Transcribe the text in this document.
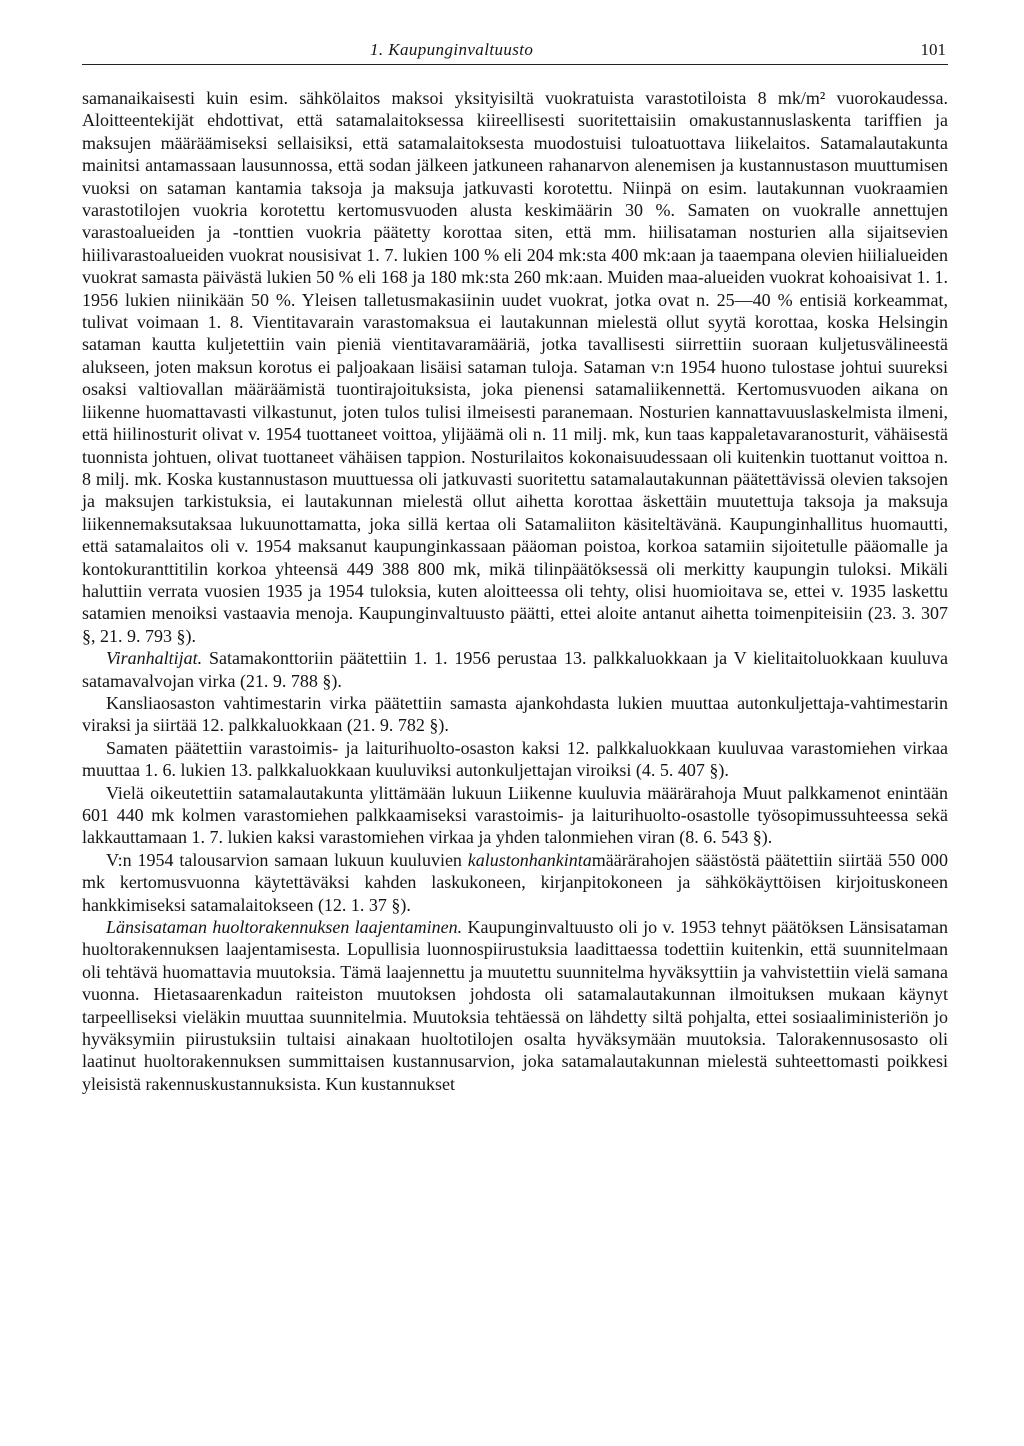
1. Kaupunginvaltuusto	101

samanaikaisesti kuin esim. sähkölaitos maksoi yksityisiltä vuokratuista varastotiloista 8 mk/m² vuorokaudessa. Aloitteentekijät ehdottivat, että satamalaitoksessa kiireellisesti suoritettaisiin omakustannuslaskenta tariffien ja maksujen määräämiseksi sellaisiksi, että satamalaitoksesta muodostuisi tuloatuottava liikelaitos. Satamalautakunta mainitsi antamassaan lausunnossa, että sodan jälkeen jatkuneen rahanarvon alenemisen ja kustannustason muuttumisen vuoksi on sataman kantamia taksoja ja maksuja jatkuvasti korotettu. Niinpä on esim. lautakunnan vuokraamien varastotilojen vuokria korotettu kertomusvuoden alusta keskimäärin 30 %. Samaten on vuokralle annettujen varastoalueiden ja -tonttien vuokria päätetty korottaa siten, että mm. hiilisataman nosturien alla sijaitsevien hiilivarastoalueiden vuokrat nousisivat 1. 7. lukien 100 % eli 204 mk:sta 400 mk:aan ja taaempana olevien hiilialueiden vuokrat samasta päivästä lukien 50 % eli 168 ja 180 mk:sta 260 mk:aan. Muiden maa-alueiden vuokrat kohoaisivat 1. 1. 1956 lukien niinikään 50 %. Yleisen talletusmakasiinin uudet vuokrat, jotka ovat n. 25—40 % entisiä korkeammat, tulivat voimaan 1. 8. Vientitavarain varastomaksua ei lautakunnan mielestä ollut syytä korottaa, koska Helsingin sataman kautta kuljetettiin vain pieniä vientitavaramääriä, jotka tavallisesti siirrettiin suoraan kuljetusvälineestä alukseen, joten maksun korotus ei paljoakaan lisäisi sataman tuloja. Sataman v:n 1954 huono tulostase johtui suureksi osaksi valtiovallan määräämistä tuontirajoituksista, joka pienensi satamaliikennettä. Kertomusvuoden aikana on liikenne huomattavasti vilkastunut, joten tulos tulisi ilmeisesti paranemaan. Nosturien kannattavuuslaskelmista ilmeni, että hiilinosturit olivat v. 1954 tuottaneet voittoa, ylijäämä oli n. 11 milj. mk, kun taas kappaletavaranosturit, vähäisestä tuonnista johtuen, olivat tuottaneet vähäisen tappion. Nosturilaitos kokonaisuudessaan oli kuitenkin tuottanut voittoa n. 8 milj. mk. Koska kustannustason muuttuessa oli jatkuvasti suoritettu satamalautakunnan päätettävissä olevien taksojen ja maksujen tarkistuksia, ei lautakunnan mielestä ollut aihetta korottaa äskettäin muutettuja taksoja ja maksuja liikennemaksutaksaa lukuunottamatta, joka sillä kertaa oli Satamaliiton käsiteltävänä. Kaupunginhallitus huomautti, että satamalaitos oli v. 1954 maksanut kaupunginkassaan pääoman poistoa, korkoa satamiin sijoitetulle pääomalle ja kontokuranttitilin korkoa yhteensä 449 388 800 mk, mikä tilinpäätöksessä oli merkitty kaupungin tuloksi. Mikäli haluttiin verrata vuosien 1935 ja 1954 tuloksia, kuten aloitteessa oli tehty, olisi huomioitava se, ettei v. 1935 laskettu satamien menoiksi vastaavia menoja. Kaupunginvaltuusto päätti, ettei aloite antanut aihetta toimenpiteisiin (23. 3. 307 §, 21. 9. 793 §).

Viranhaltijat. Satamakonttoriin päätettiin 1. 1. 1956 perustaa 13. palkkaluokkaan ja V kielitaitoluokkaan kuuluva satamavalvojan virka (21. 9. 788 §).

Kansliaosaston vahtimestarin virka päätettiin samasta ajankohdasta lukien muuttaa autonkuljettaja-vahtimestarin viraksi ja siirtää 12. palkkaluokkaan (21. 9. 782 §).

Samaten päätettiin varastoimis- ja laiturihuolto-osaston kaksi 12. palkkaluokkaan kuuluvaa varastomiehen virkaa muuttaa 1. 6. lukien 13. palkkaluokkaan kuuluviksi autonkuljettajan viroiksi (4. 5. 407 §).

Vielä oikeutettiin satamalautakunta ylittämään lukuun Liikenne kuuluvia määrärahoja Muut palkkamenot enintään 601 440 mk kolmen varastomiehen palkkaamiseksi varastoimis- ja laiturihuolto-osastolle työsopimussuhteessa sekä lakkauttamaan 1. 7. lukien kaksi varastomiehen virkaa ja yhden talonmiehen viran (8. 6. 543 §).

V:n 1954 talousarvion samaan lukuun kuuluvien kalustonhankintamäärärahojen säästöstä päätettiin siirtää 550 000 mk kertomusvuonna käytettäväksi kahden laskukoneen, kirjanpitokoneen ja sähkökäyttöisen kirjoituskoneen hankkimiseksi satamalaitokseen (12. 1. 37 §).

Länsisataman huoltorakennuksen laajentaminen. Kaupunginvaltuusto oli jo v. 1953 tehnyt päätöksen Länsisataman huoltorakennuksen laajentamisesta. Lopullisia luonnospiirustuksia laadittaessa todettiin kuitenkin, että suunnitelmaan oli tehtävä huomattavia muutoksia. Tämä laajennettu ja muutettu suunnitelma hyväksyttiin ja vahvistettiin vielä samana vuonna. Hietasaarenkadun raiteiston muutoksen johdosta oli satamalautakunnan ilmoituksen mukaan käynyt tarpeelliseksi vieläkin muuttaa suunnitelmia. Muutoksia tehtäessä on lähdetty siltä pohjalta, ettei sosiaaliministeriön jo hyväksymiin piirustuksiin tultaisi ainakaan huoltotilojen osalta hyväksymään muutoksia. Talorakennusosasto oli laatinut huoltorakennuksen summittaisen kustannusarvion, joka satamalautakunnan mielestä suhteettomasti poikkesi yleisistä rakennuskustannuksista. Kun kustannukset
